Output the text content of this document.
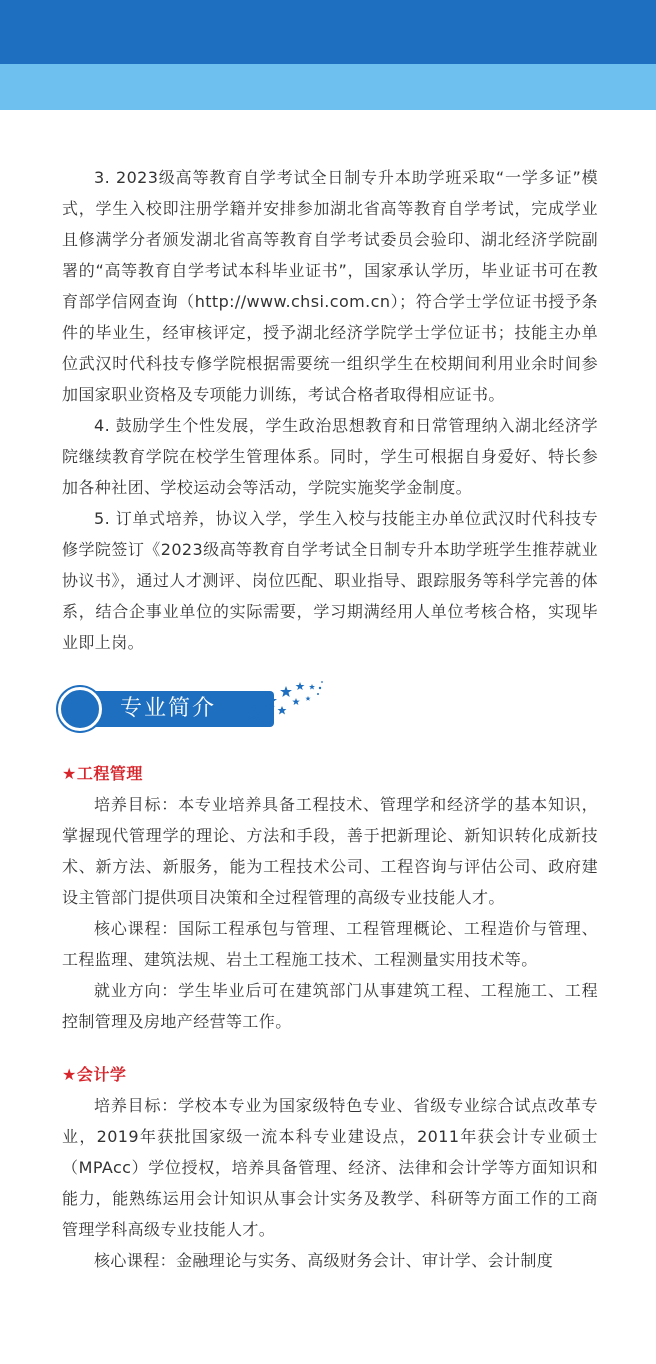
3. 2023级高等教育自学考试全日制专升本助学班采取“一学多证”模式，学生入校即注册学籍并安排参加湖北省高等教育自学考试，完成学业且修满学分者颁发湖北省高等教育自学考试委员会验印、湖北经济学院副署的“高等教育自学考试本科毕业证书”，国家承认学历，毕业证书可在教育部学信网查询（http://www.chsi.com.cn）；符合学士学位证书授予条件的毕业生，经审核评定，授予湖北经济学院学士学位证书；技能主办单位武汉时代科技专修学院根据需要统一组织学生在校期间利用业余时间参加国家职业资格及专项能力训练，考试合格者取得相应证书。

4. 鼓励学生个性发展，学生政治思想教育和日常管理纳入湖北经济学院继续教育学院在校学生管理体系。同时，学生可根据自身爱好、特长参加各种社团、学校运动会等活动，学院实施奖学金制度。

5. 订单式培养，协议入学，学生入校与技能主办单位武汉时代科技专修学院签订《2023级高等教育自学考试全日制专升本助学班学生推荐就业协议书》，通过人才测评、岗位匹配、职业指导、跟踪服务等科学完善的体系，结合企事业单位的实际需要，学习期满经用人单位考核合格，实现毕业即上岗。

专业简介

★工程管理

培养目标：本专业培养具备工程技术、管理学和经济学的基本知识，掌握现代管理学的理论、方法和手段，善于把新理论、新知识转化成新技术、新方法、新服务，能为工程技术公司、工程咨询与评估公司、政府建设主管部门提供项目决策和全过程管理的高级专业技能人才。

核心课程：国际工程承包与管理、工程管理概论、工程造价与管理、工程监理、建筑法规、岩土工程施工技术、工程测量实用技术等。

就业方向：学生毕业后可在建筑部门从事建筑工程、工程施工、工程控制管理及房地产经营等工作。

★会计学

培养目标：学校本专业为国家级特色专业、省级专业综合试点改革专业，2019年获批国家级一流本科专业建设点，2011年获会计专业硕士（MPAcc）学位授权，培养具备管理、经济、法律和会计学等方面知识和能力，能熟练运用会计知识从事会计实务及教学、科研等方面工作的工商管理学科高级专业技能人才。

核心课程：金融理论与实务、高级财务会计、审计学、会计制度
